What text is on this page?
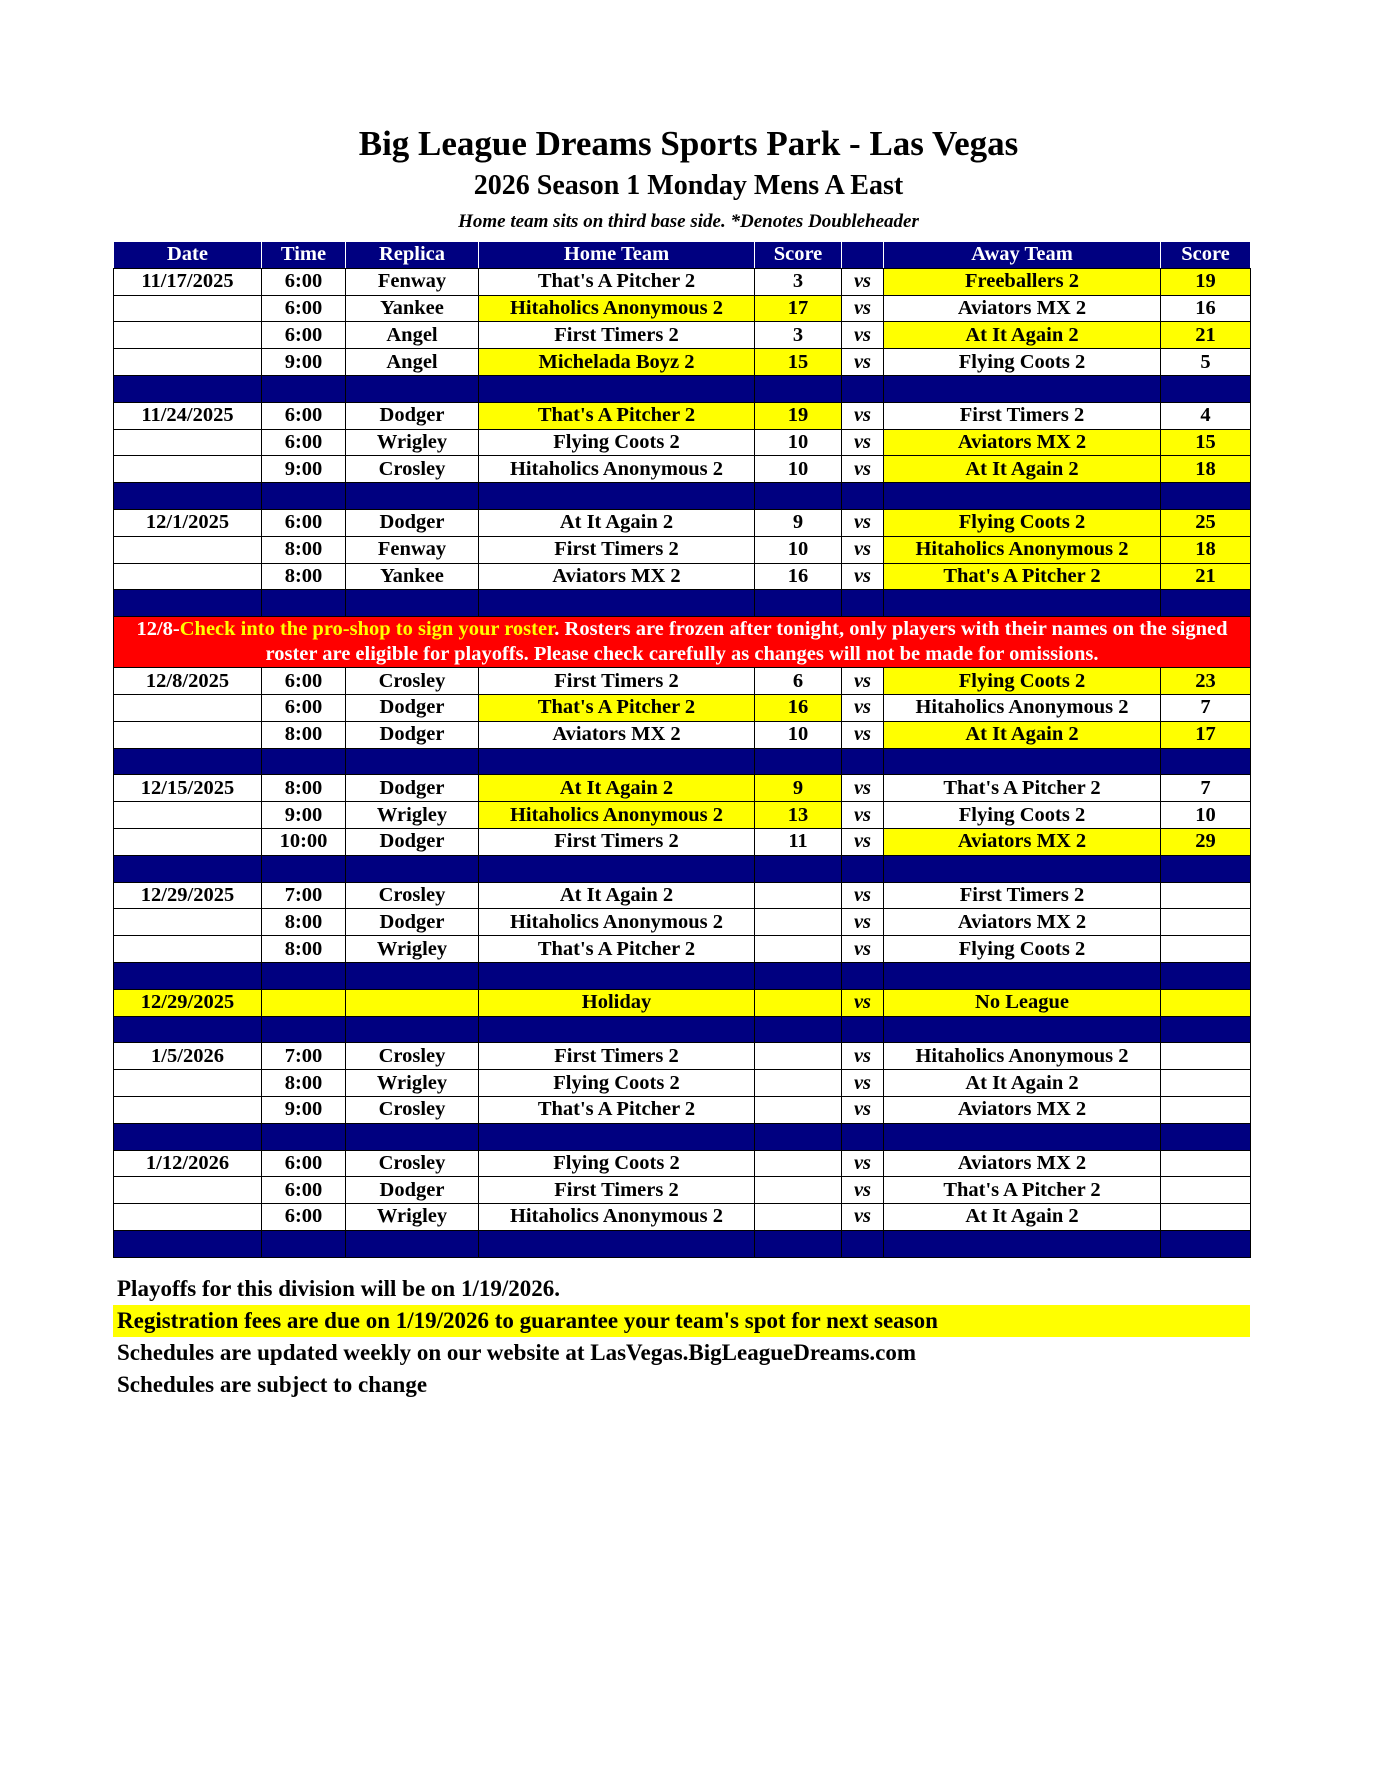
Big League Dreams Sports Park - Las Vegas
2026 Season 1 Monday Mens A East
Home team sits on third base side. *Denotes Doubleheader
Date	Time	Replica	Home Team	Score		Away Team	Score
11/17/2025	6:00	Fenway	That's A Pitcher 2	3	vs	Freeballers 2	19
	6:00	Yankee	Hitaholics Anonymous 2	17	vs	Aviators MX 2	16
	6:00	Angel	First Timers 2	3	vs	At It Again 2	21
	9:00	Angel	Michelada Boyz 2	15	vs	Flying Coots 2	5

11/24/2025	6:00	Dodger	That's A Pitcher 2	19	vs	First Timers 2	4
	6:00	Wrigley	Flying Coots 2	10	vs	Aviators MX 2	15
	9:00	Crosley	Hitaholics Anonymous 2	10	vs	At It Again 2	18

12/1/2025	6:00	Dodger	At It Again 2	9	vs	Flying Coots 2	25
	8:00	Fenway	First Timers 2	10	vs	Hitaholics Anonymous 2	18
	8:00	Yankee	Aviators MX 2	16	vs	That's A Pitcher 2	21

12/8-Check into the pro-shop to sign your roster. Rosters are frozen after tonight, only players with their names on the signed roster are eligible for playoffs. Please check carefully as changes will not be made for omissions.							
12/8/2025	6:00	Crosley	First Timers 2	6	vs	Flying Coots 2	23
	6:00	Dodger	That's A Pitcher 2	16	vs	Hitaholics Anonymous 2	7
	8:00	Dodger	Aviators MX 2	10	vs	At It Again 2	17

12/15/2025	8:00	Dodger	At It Again 2	9	vs	That's A Pitcher 2	7
	9:00	Wrigley	Hitaholics Anonymous 2	13	vs	Flying Coots 2	10
	10:00	Dodger	First Timers 2	11	vs	Aviators MX 2	29

12/29/2025	7:00	Crosley	At It Again 2		vs	First Timers 2	
	8:00	Dodger	Hitaholics Anonymous 2		vs	Aviators MX 2	
	8:00	Wrigley	That's A Pitcher 2		vs	Flying Coots 2	

12/29/2025			Holiday		vs	No League	

1/5/2026	7:00	Crosley	First Timers 2		vs	Hitaholics Anonymous 2	
	8:00	Wrigley	Flying Coots 2		vs	At It Again 2	
	9:00	Crosley	That's A Pitcher 2		vs	Aviators MX 2	

1/12/2026	6:00	Crosley	Flying Coots 2		vs	Aviators MX 2	
	6:00	Dodger	First Timers 2		vs	That's A Pitcher 2	
	6:00	Wrigley	Hitaholics Anonymous 2		vs	At It Again 2	

Playoffs for this division will be on 1/19/2026.
Registration fees are due on 1/19/2026 to guarantee your team's spot for next season
Schedules are updated weekly on our website at LasVegas.BigLeagueDreams.com
Schedules are subject to change
